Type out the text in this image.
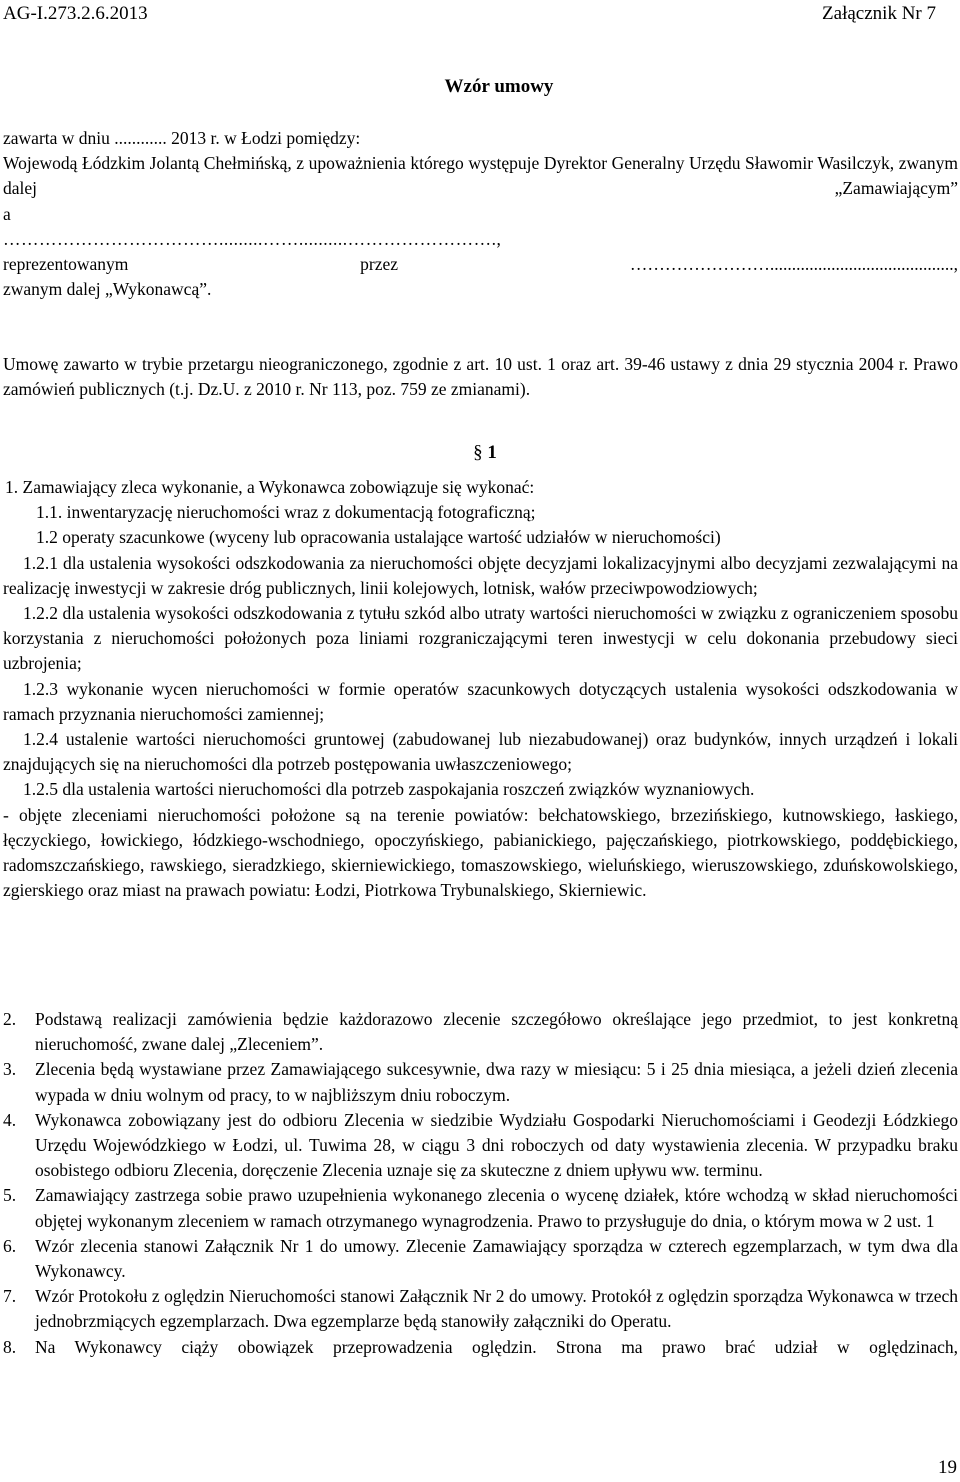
AG-I.273.2.6.2013	Załącznik Nr 7
Wzór umowy

zawarta w dniu ............ 2013 r. w Łodzi pomiędzy:

Wojewodą Łódzkim Jolantą Chełmińską, z upoważnienia którego występuje Dyrektor Generalny Urzędu Sławomir Wasilczyk, zwanym dalej „Zamawiającym”

a

……………………………….........……..........…………………….,

reprezentowanym przez ……………………..........................................,

zwanym dalej „Wykonawcą”.

Umowę zawarto w trybie przetargu nieograniczonego, zgodnie z art. 10 ust. 1 oraz art. 39-46 ustawy z dnia 29 stycznia 2004 r. Prawo zamówień publicznych (t.j. Dz.U. z 2010 r. Nr 113, poz. 759 ze zmianami).

§ 1

1. Zamawiający zleca wykonanie, a Wykonawca zobowiązuje się wykonać:

1.1. inwentaryzację nieruchomości wraz z dokumentacją fotograficzną;

1.2 operaty szacunkowe (wyceny lub opracowania ustalające wartość udziałów w nieruchomości)

1.2.1 dla ustalenia wysokości odszkodowania za nieruchomości objęte decyzjami lokalizacyjnymi albo decyzjami zezwalającymi na realizację inwestycji w zakresie dróg publicznych, linii kolejowych, lotnisk, wałów przeciwpowodziowych;

1.2.2 dla ustalenia wysokości odszkodowania z tytułu szkód albo utraty wartości nieruchomości w związku z ograniczeniem sposobu korzystania z nieruchomości położonych poza liniami rozgraniczającymi teren inwestycji w celu dokonania przebudowy sieci uzbrojenia;

1.2.3 wykonanie wycen nieruchomości w formie operatów szacunkowych dotyczących ustalenia wysokości odszkodowania w ramach przyznania nieruchomości zamiennej;

1.2.4 ustalenie wartości nieruchomości gruntowej (zabudowanej lub niezabudowanej) oraz budynków, innych urządzeń i lokali znajdujących się na nieruchomości dla potrzeb postępowania uwłaszczeniowego;

1.2.5 dla ustalenia wartości nieruchomości dla potrzeb zaspokajania roszczeń związków wyznaniowych.

- objęte zleceniami nieruchomości położone są na terenie powiatów: bełchatowskiego, brzezińskiego, kutnowskiego, łaskiego, łęczyckiego, łowickiego, łódzkiego-wschodniego, opoczyńskiego, pabianickiego, pajęczańskiego, piotrkowskiego, poddębickiego, radomszczańskiego, rawskiego, sieradzkiego, skierniewickiego, tomaszowskiego, wieluńskiego, wieruszowskiego, zduńskowolskiego, zgierskiego oraz miast na prawach powiatu: Łodzi, Piotrkowa Trybunalskiego, Skierniewic.

2.	Podstawą realizacji zamówienia będzie każdorazowo zlecenie szczegółowo określające jego przedmiot, to jest konkretną nieruchomość, zwane dalej „Zleceniem”.
3.	Zlecenia będą wystawiane przez Zamawiającego sukcesywnie, dwa razy w miesiącu: 5 i 25 dnia miesiąca, a jeżeli dzień zlecenia wypada w dniu wolnym od pracy, to w najbliższym dniu roboczym.
4.	Wykonawca zobowiązany jest do odbioru Zlecenia w siedzibie Wydziału Gospodarki Nieruchomościami i Geodezji Łódzkiego Urzędu Wojewódzkiego w Łodzi, ul. Tuwima 28, w ciągu 3 dni roboczych od daty wystawienia zlecenia. W przypadku braku osobistego odbioru Zlecenia, doręczenie Zlecenia uznaje się za skuteczne z dniem upływu ww. terminu.
5.	Zamawiający zastrzega sobie prawo uzupełnienia wykonanego zlecenia o wycenę działek, które wchodzą w skład nieruchomości objętej wykonanym zleceniem w ramach otrzymanego wynagrodzenia. Prawo to przysługuje do dnia, o którym mowa w 2 ust. 1
6.	Wzór zlecenia stanowi Załącznik Nr 1 do umowy. Zlecenie Zamawiający sporządza w czterech egzemplarzach, w tym dwa dla Wykonawcy.
7.	Wzór Protokołu z oględzin Nieruchomości stanowi Załącznik Nr 2 do umowy. Protokół z oględzin sporządza Wykonawca w trzech jednobrzmiących egzemplarzach. Dwa egzemplarze będą stanowiły załączniki do Operatu.
8.	Na Wykonawcy ciąży obowiązek przeprowadzenia oględzin. Strona ma prawo brać udział w oględzinach,
19
